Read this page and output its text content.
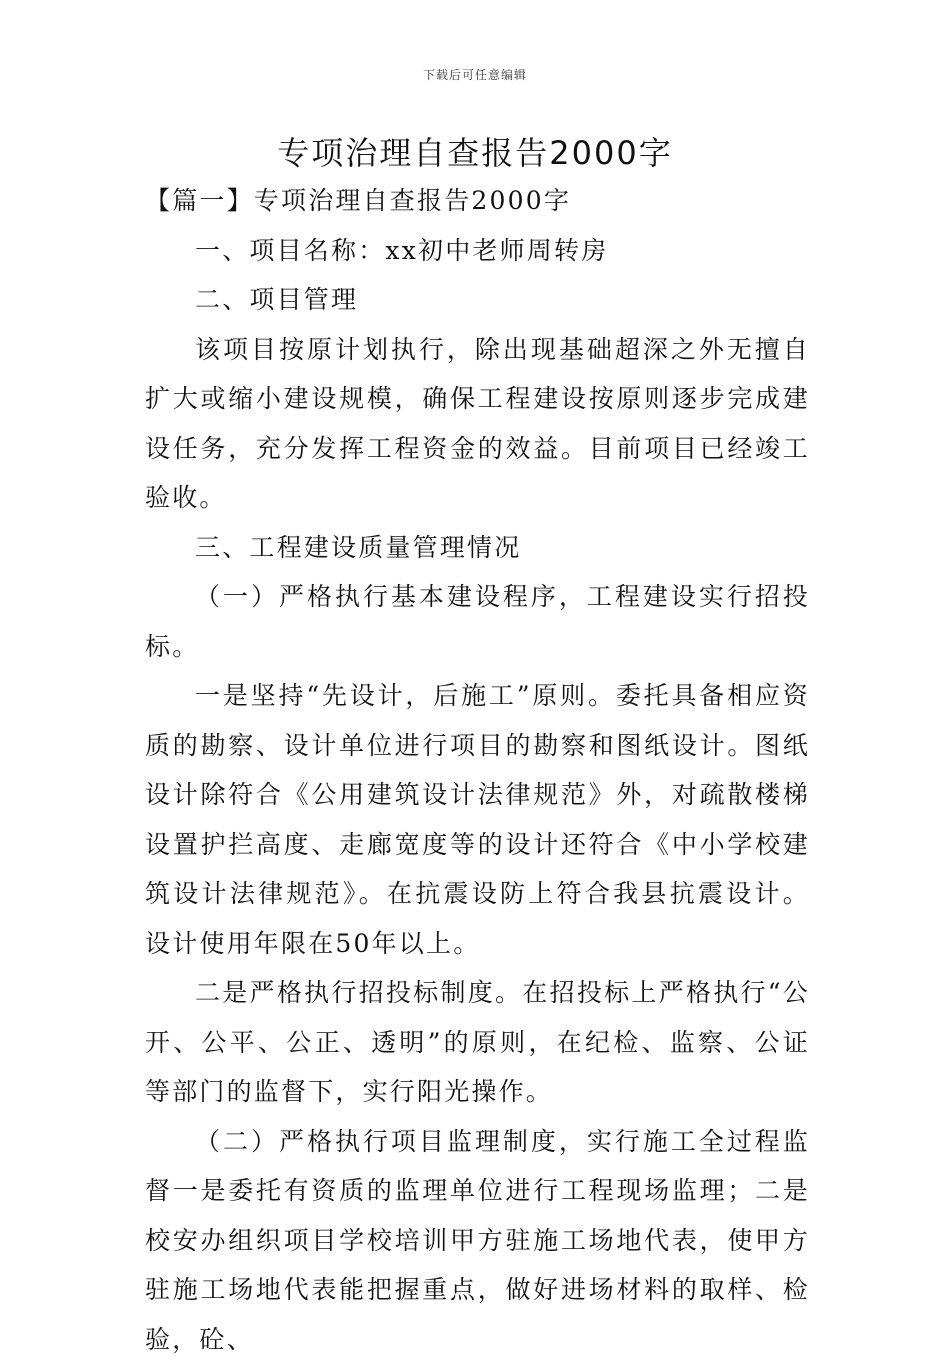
下载后可任意编辑
专项治理自查报告2000字

【篇一】专项治理自查报告2000字

一、项目名称：xx初中老师周转房

二、项目管理

该项目按原计划执行，除出现基础超深之外无擅自扩大或缩小建设规模，确保工程建设按原则逐步完成建设任务，充分发挥工程资金的效益。目前项目已经竣工验收。

三、工程建设质量管理情况

（一）严格执行基本建设程序，工程建设实行招投标。

一是坚持“先设计，后施工”原则。委托具备相应资质的勘察、设计单位进行项目的勘察和图纸设计。图纸设计除符合《公用建筑设计法律规范》外，对疏散楼梯设置护拦高度、走廊宽度等的设计还符合《中小学校建筑设计法律规范》。在抗震设防上符合我县抗震设计。设计使用年限在50年以上。

二是严格执行招投标制度。在招投标上严格执行“公开、公平、公正、透明”的原则，在纪检、监察、公证等部门的监督下，实行阳光操作。

（二）严格执行项目监理制度，实行施工全过程监督一是委托有资质的监理单位进行工程现场监理；二是校安办组织项目学校培训甲方驻施工场地代表，使甲方驻施工场地代表能把握重点，做好进场材料的取样、检验，砼、
